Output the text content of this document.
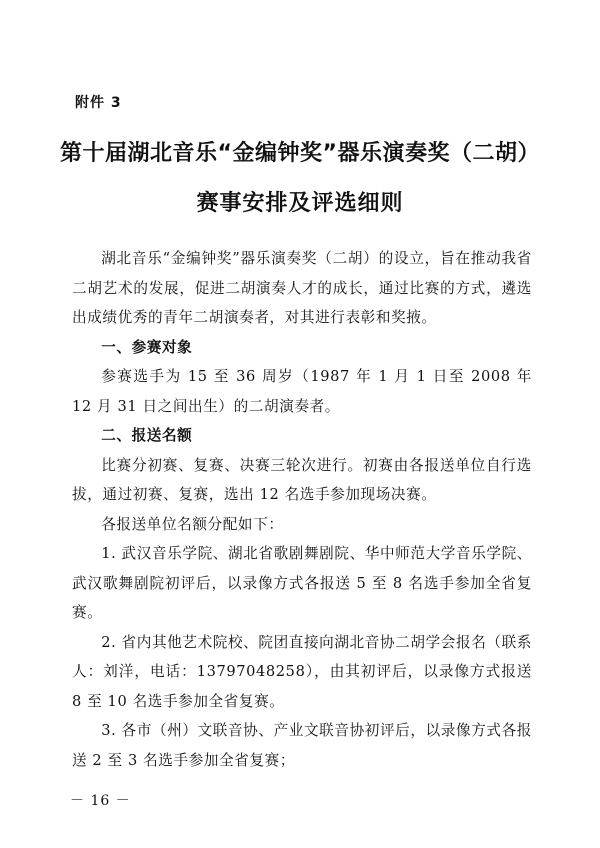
附件 3
第十届湖北音乐“金编钟奖”器乐演奏奖（二胡）
赛事安排及评选细则

湖北音乐“金编钟奖”器乐演奏奖（二胡）的设立，旨在推动我省二胡艺术的发展，促进二胡演奏人才的成长，通过比赛的方式，遴选出成绩优秀的青年二胡演奏者，对其进行表彰和奖掖。

一、参赛对象

参赛选手为 15 至 36 周岁（1987 年 1 月 1 日至 2008 年 12 月 31 日之间出生）的二胡演奏者。

二、报送名额

比赛分初赛、复赛、决赛三轮次进行。初赛由各报送单位自行选拔，通过初赛、复赛，选出 12 名选手参加现场决赛。

各报送单位名额分配如下：

1. 武汉音乐学院、湖北省歌剧舞剧院、华中师范大学音乐学院、武汉歌舞剧院初评后，以录像方式各报送 5 至 8 名选手参加全省复赛。

2. 省内其他艺术院校、院团直接向湖北音协二胡学会报名（联系人：刘洋，电话：13797048258），由其初评后，以录像方式报送 8 至 10 名选手参加全省复赛。

3. 各市（州）文联音协、产业文联音协初评后，以录像方式各报送 2 至 3 名选手参加全省复赛；

－ 16 －
